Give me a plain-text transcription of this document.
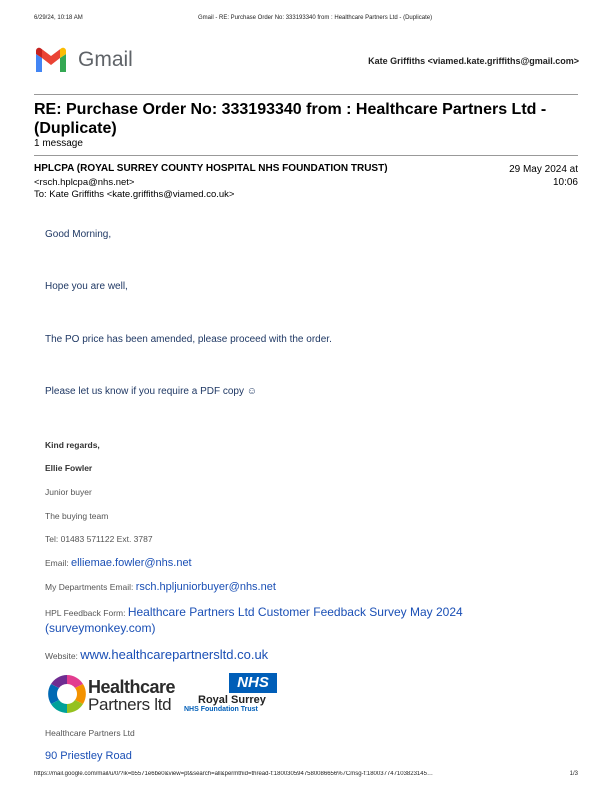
6/29/24, 10:18 AM	Gmail - RE: Purchase Order No: 333193340 from : Healthcare Partners Ltd - (Duplicate)
Gmail	Kate Griffiths <viamed.kate.griffiths@gmail.com>
RE: Purchase Order No: 333193340 from : Healthcare Partners Ltd - (Duplicate)
1 message
HPLCPA (ROYAL SURREY COUNTY HOSPITAL NHS FOUNDATION TRUST)
<rsch.hplcpa@nhs.net>
To: Kate Griffiths <kate.griffiths@viamed.co.uk>
29 May 2024 at
10:06
Good Morning,
Hope you are well,
The PO price has been amended, please proceed with the order.
Please let us know if you require a PDF copy ☺
Kind regards,
Ellie Fowler
Junior buyer
The buying team
Tel: 01483 571122 Ext. 3787
Email: elliemae.fowler@nhs.net
My Departments Email: rsch.hpljuniorbuyer@nhs.net
HPL Feedback Form: Healthcare Partners Ltd Customer Feedback Survey May 2024
(surveymonkey.com)
Website: www.healthcarepartnersltd.co.uk
Healthcare
Partners ltd
NHS
Royal Surrey
NHS Foundation Trust
Healthcare Partners Ltd
90 Priestley Road
https://mail.google.com/mail/u/0/?ik=b5571e6be0&view=pt&search=all&permthid=thread-f:1800305947580086656%7Cmsg-f:180037747103823145…	1/3
